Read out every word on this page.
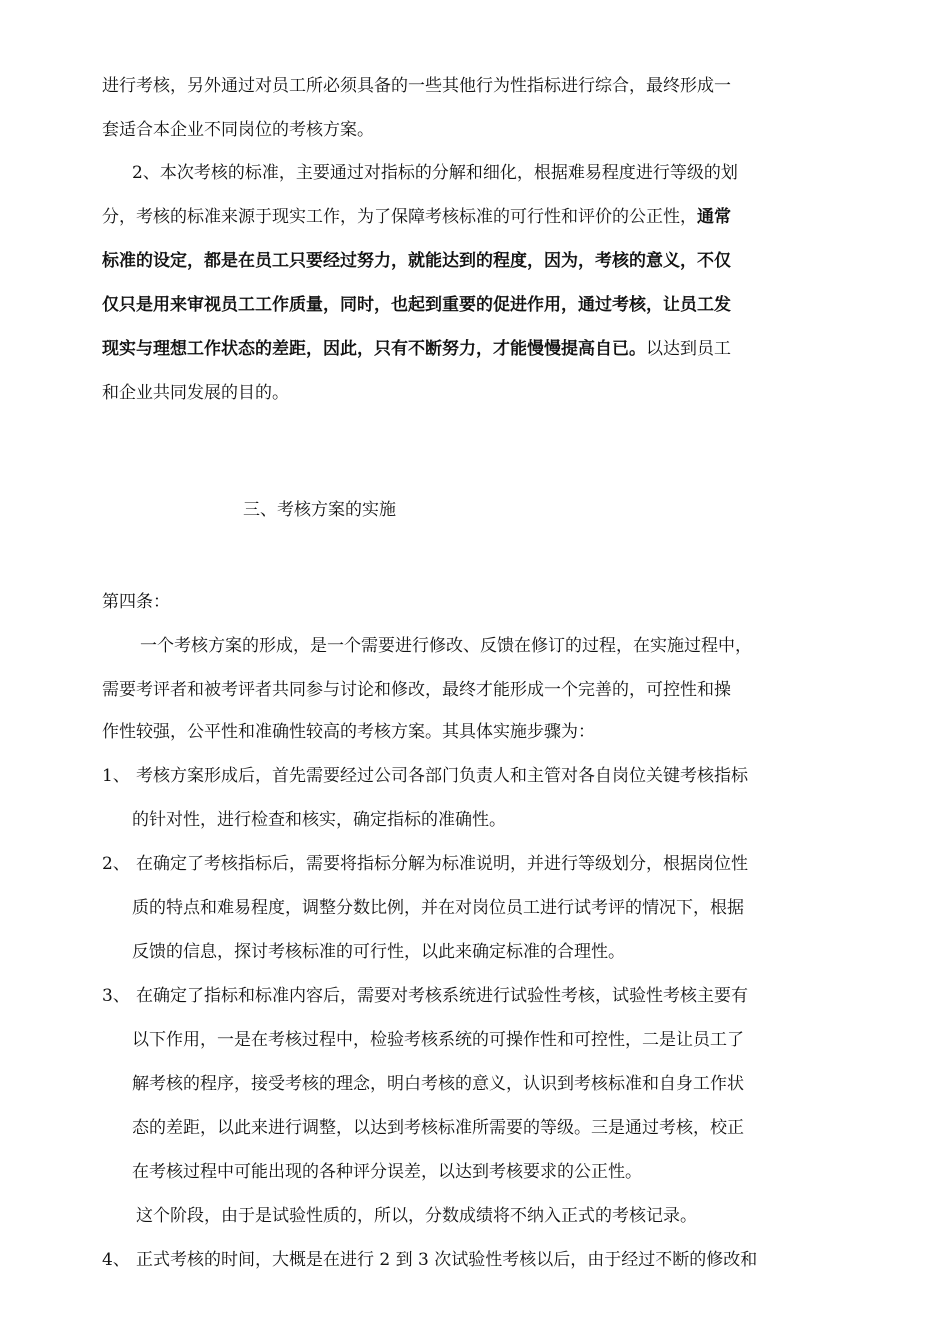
进行考核，另外通过对员工所必须具备的一些其他行为性指标进行综合，最终形成一
套适合本企业不同岗位的考核方案。
2、本次考核的标准，主要通过对指标的分解和细化，根据难易程度进行等级的划
分，考核的标准来源于现实工作，为了保障考核标准的可行性和评价的公正性，通常
标准的设定，都是在员工只要经过努力，就能达到的程度，因为，考核的意义，不仅
仅只是用来审视员工工作质量，同时，也起到重要的促进作用，通过考核，让员工发
现实与理想工作状态的差距，因此，只有不断努力，才能慢慢提高自已。以达到员工
和企业共同发展的目的。
三、考核方案的实施
第四条：
一个考核方案的形成，是一个需要进行修改、反馈在修订的过程，在实施过程中，
需要考评者和被考评者共同参与讨论和修改，最终才能形成一个完善的，可控性和操
作性较强，公平性和准确性较高的考核方案。其具体实施步骤为：
1、 考核方案形成后，首先需要经过公司各部门负责人和主管对各自岗位关键考核指标
的针对性，进行检查和核实，确定指标的准确性。
2、 在确定了考核指标后，需要将指标分解为标准说明，并进行等级划分，根据岗位性
质的特点和难易程度，调整分数比例，并在对岗位员工进行试考评的情况下，根据
反馈的信息，探讨考核标准的可行性，以此来确定标准的合理性。
3、 在确定了指标和标准内容后，需要对考核系统进行试验性考核，试验性考核主要有
以下作用，一是在考核过程中，检验考核系统的可操作性和可控性，二是让员工了
解考核的程序，接受考核的理念，明白考核的意义，认识到考核标准和自身工作状
态的差距，以此来进行调整，以达到考核标准所需要的等级。三是通过考核，校正
在考核过程中可能出现的各种评分误差，以达到考核要求的公正性。
这个阶段，由于是试验性质的，所以，分数成绩将不纳入正式的考核记录。
4、 正式考核的时间，大概是在进行 2 到 3 次试验性考核以后，由于经过不断的修改和
